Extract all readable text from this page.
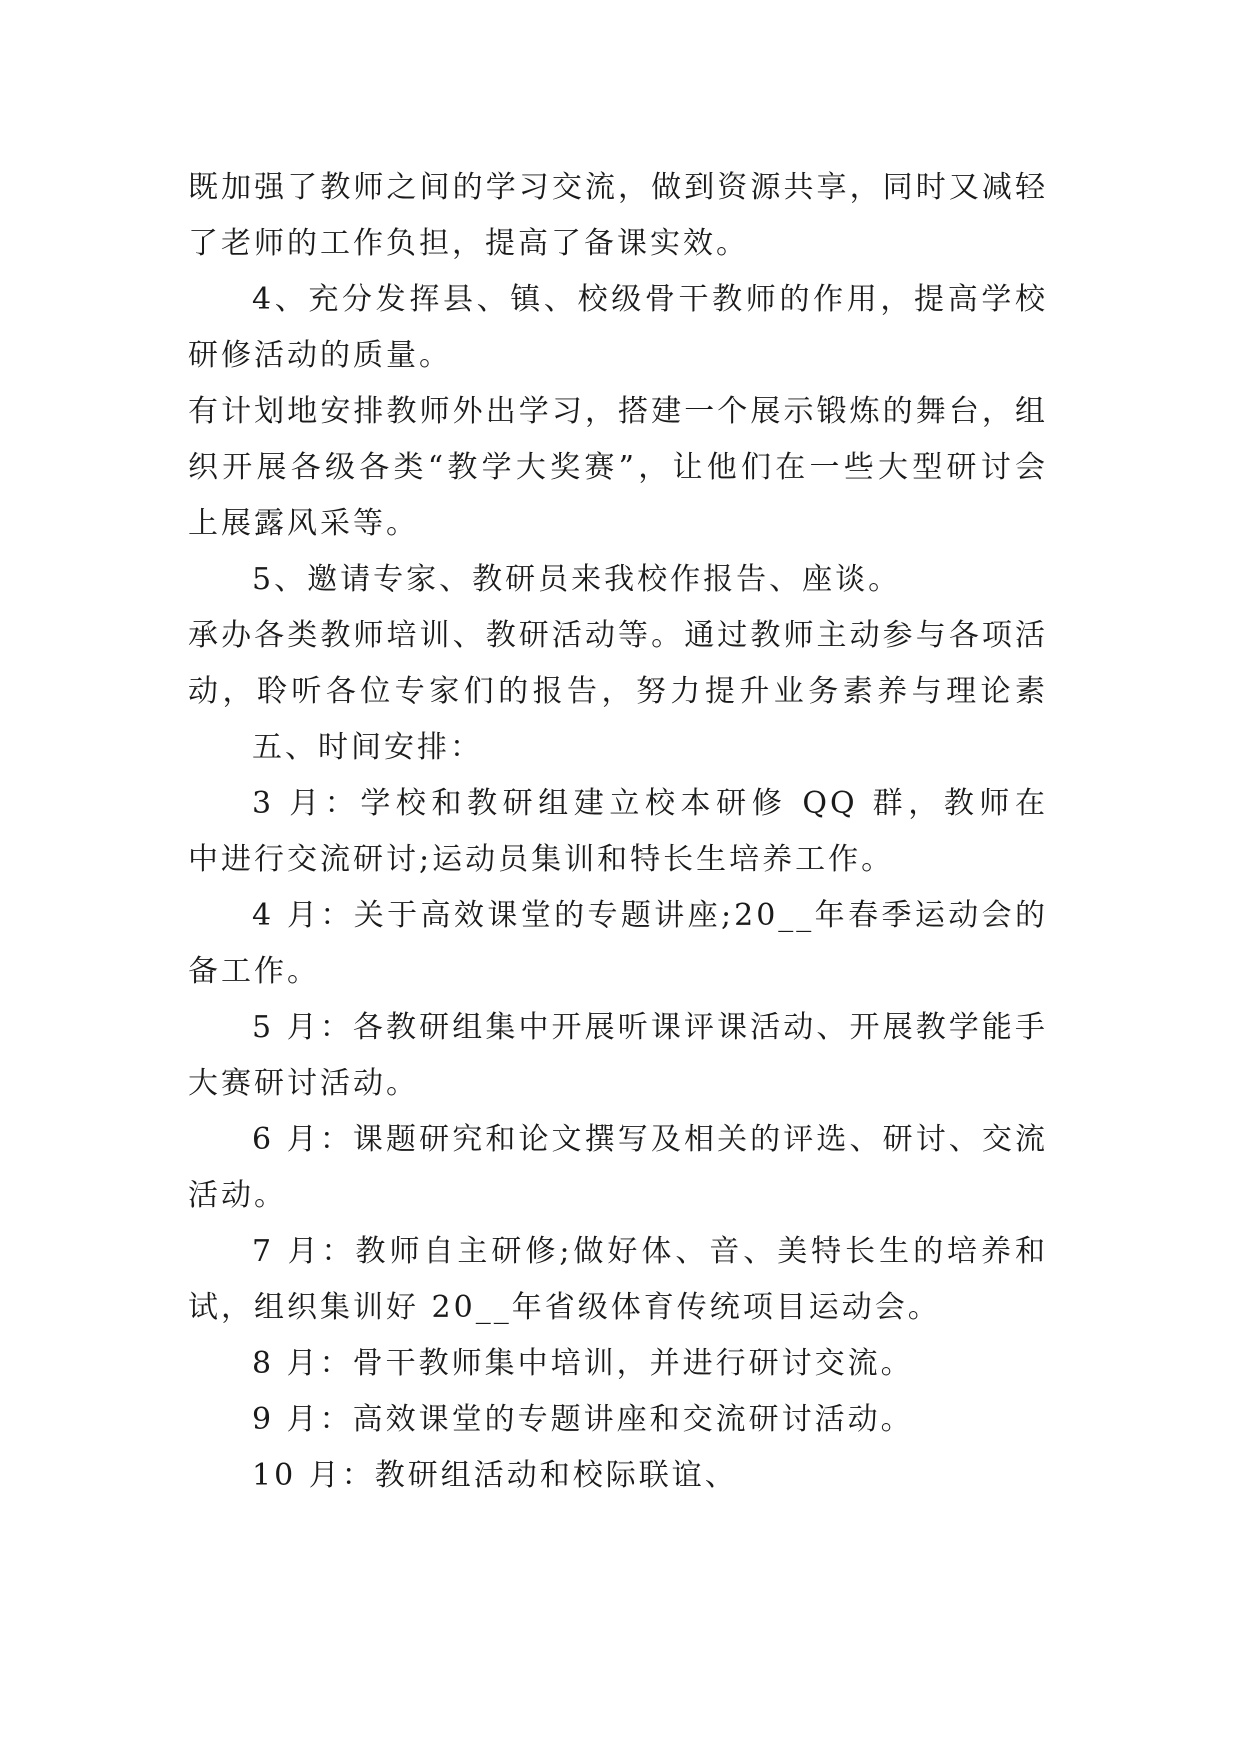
既加强了教师之间的学习交流，做到资源共享，同时又减轻

了老师的工作负担，提高了备课实效。

4、充分发挥县、镇、校级骨干教师的作用，提高学校

研修活动的质量。

有计划地安排教师外出学习，搭建一个展示锻炼的舞台，组

织开展各级各类“教学大奖赛”，让他们在一些大型研讨会

上展露风采等。

5、邀请专家、教研员来我校作报告、座谈。

承办各类教师培训、教研活动等。通过教师主动参与各项活

动，聆听各位专家们的报告，努力提升业务素养与理论素

五、时间安排：

3 月：学校和教研组建立校本研修 QQ 群，教师在

中进行交流研讨;运动员集训和特长生培养工作。

4 月：关于高效课堂的专题讲座;20__年春季运动会的

备工作。

5 月：各教研组集中开展听课评课活动、开展教学能手

大赛研讨活动。

6 月：课题研究和论文撰写及相关的评选、研讨、交流

活动。

7 月：教师自主研修;做好体、音、美特长生的培养和

试，组织集训好 20__年省级体育传统项目运动会。

8 月：骨干教师集中培训，并进行研讨交流。

9 月：高效课堂的专题讲座和交流研讨活动。

10 月：教研组活动和校际联谊、
